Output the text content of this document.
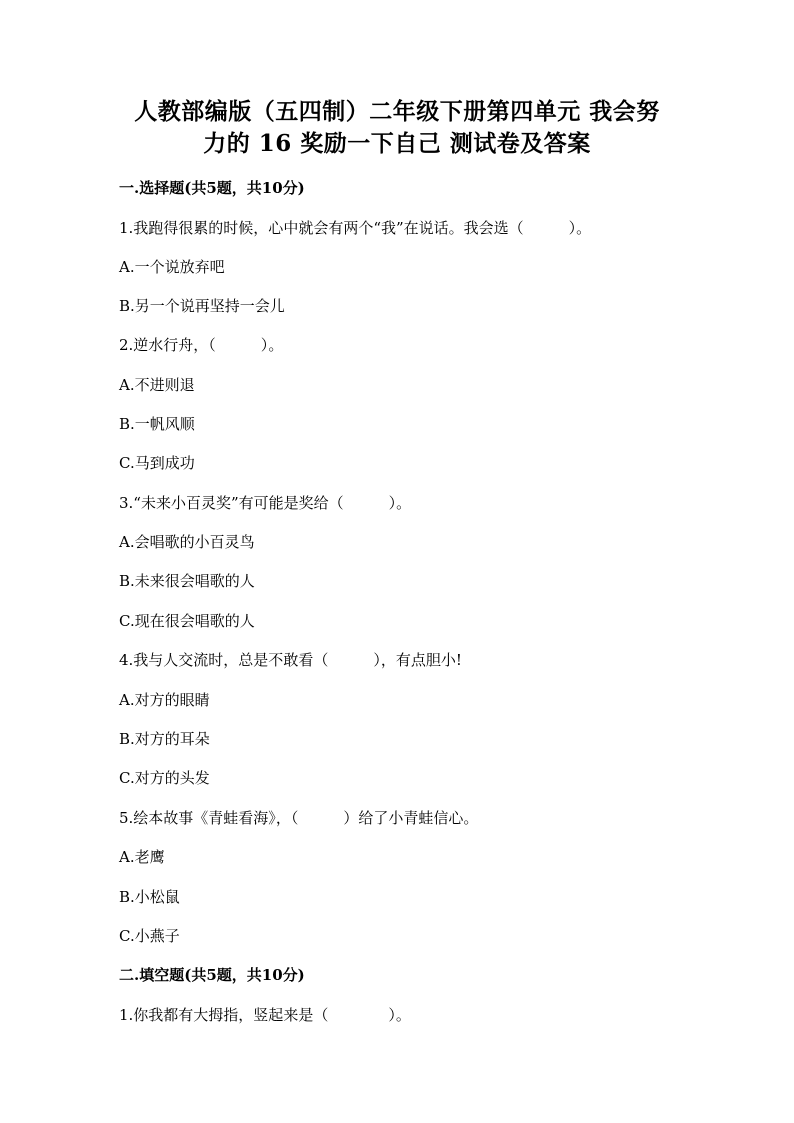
人教部编版（五四制）二年级下册第四单元 我会努
力的 16 奖励一下自己 测试卷及答案
一.选择题(共5题，共10分)
1.我跑得很累的时候，心中就会有两个“我”在说话。我会选（　　　）。
A.一个说放弃吧
B.另一个说再坚持一会儿
2.逆水行舟，（　　　）。
A.不进则退
B.一帆风顺
C.马到成功
3.“未来小百灵奖”有可能是奖给（　　　）。
A.会唱歌的小百灵鸟
B.未来很会唱歌的人
C.现在很会唱歌的人
4.我与人交流时，总是不敢看（　　　），有点胆小!
A.对方的眼睛
B.对方的耳朵
C.对方的头发
5.绘本故事《青蛙看海》，（　　　）给了小青蛙信心。
A.老鹰
B.小松鼠
C.小燕子
二.填空题(共5题，共10分)
1.你我都有大拇指，竖起来是（　　　　）。
